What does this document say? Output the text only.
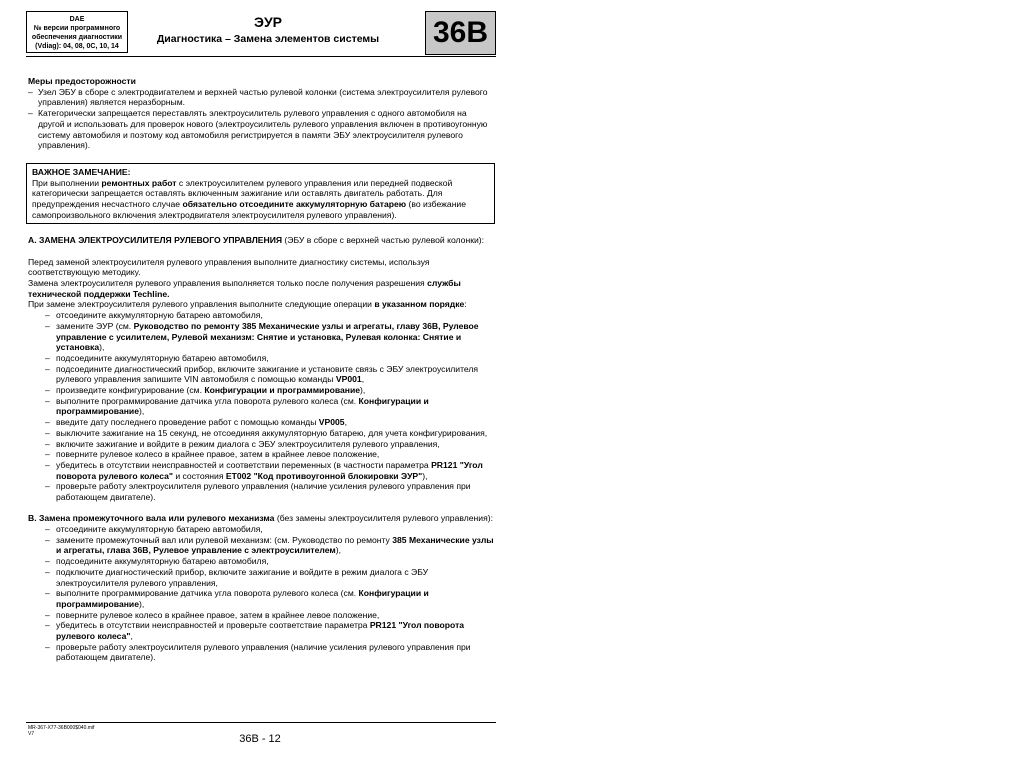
DAE
№ версии программного
обеспечения диагностики
(Vdiag): 04, 08, 0C, 10, 14
ЭУР
Диагностика – Замена элементов системы	36B

Меры предосторожности

– Узел ЭБУ в сборе с электродвигателем и верхней частью рулевой колонки (система электроусилителя рулевого управления) является неразборным.
– Категорически запрещается переставлять электроусилитель рулевого управления с одного автомобиля на другой и использовать для проверок нового (электроусилитель рулевого управления включен в противоугонную систему автомобиля и поэтому код автомобиля регистрируется в памяти ЭБУ электроусилителя рулевого управления).

ВАЖНОЕ ЗАМЕЧАНИЕ:

При выполнении ремонтных работ с электроусилителем рулевого управления или передней подвеской категорически запрещается оставлять включенным зажигание или оставлять двигатель работать. Для предупреждения несчастного случае обязательно отсоедините аккумуляторную батарею (во избежание самопроизвольного включения электродвигателя электроусилителя рулевого управления).

A. ЗАМЕНА ЭЛЕКТРОУСИЛИТЕЛЯ РУЛЕВОГО УПРАВЛЕНИЯ (ЭБУ в сборе с верхней частью рулевой колонки):

Перед заменой электроусилителя рулевого управления выполните диагностику системы, используя соответствующую методику.

Замена электроусилителя рулевого управления выполняется только после получения разрешения службы технической поддержки Techline.

При замене электроусилителя рулевого управления выполните следующие операции в указанном порядке:

– отсоедините аккумуляторную батарею автомобиля,
– замените ЭУР (см. Руководство по ремонту 385 Механические узлы и агрегаты, главу 36B, Рулевое управление с усилителем, Рулевой механизм: Снятие и установка, Рулевая колонка: Снятие и установка),
– подсоедините аккумуляторную батарею автомобиля,
– подсоедините диагностический прибор, включите зажигание и установите связь с ЭБУ электроусилителя рулевого управления запишите VIN автомобиля с помощью команды VP001,
– произведите конфигурирование (см. Конфигурации и программирование),
– выполните программирование датчика угла поворота рулевого колеса (см. Конфигурации и программирование),
– введите дату последнего проведение работ с помощью команды VP005,
– выключите зажигание на 15 секунд, не отсоединяя аккумуляторную батарею, для учета конфигурирования,
– включите зажигание и войдите в режим диалога с ЭБУ электроусилителя рулевого управления,
– поверните рулевое колесо в крайнее правое, затем в крайнее левое положение,
– убедитесь в отсутствии неисправностей и соответствии переменных (в частности параметра PR121 "Угол поворота рулевого колеса" и состояния ET002 "Код противоугонной блокировки ЭУР"),
– проверьте работу электроусилителя рулевого управления (наличие усиления рулевого управления при работающем двигателе).

B. Замена промежуточного вала или рулевого механизма (без замены электроусилителя рулевого управления):

– отсоедините аккумуляторную батарею автомобиля,
– замените промежуточный вал или рулевой механизм: (см. Руководство по ремонту 385 Механические узлы и агрегаты, глава 36B, Рулевое управление с электроусилителем),
– подсоедините аккумуляторную батарею автомобиля,
– подключите диагностический прибор, включите зажигание и войдите в режим диалога с ЭБУ электроусилителя рулевого управления,
– выполните программирование датчика угла поворота рулевого колеса (см. Конфигурации и программирование),
– поверните рулевое колесо в крайнее правое, затем в крайнее левое положение,
– убедитесь в отсутствии неисправностей и проверьте соответствие параметра PR121 "Угол поворота рулевого колеса",
– проверьте работу электроусилителя рулевого управления (наличие усиления рулевого управления при работающем двигателе).
MR-367-X77-36B000$040.mif
V7	36B - 12
